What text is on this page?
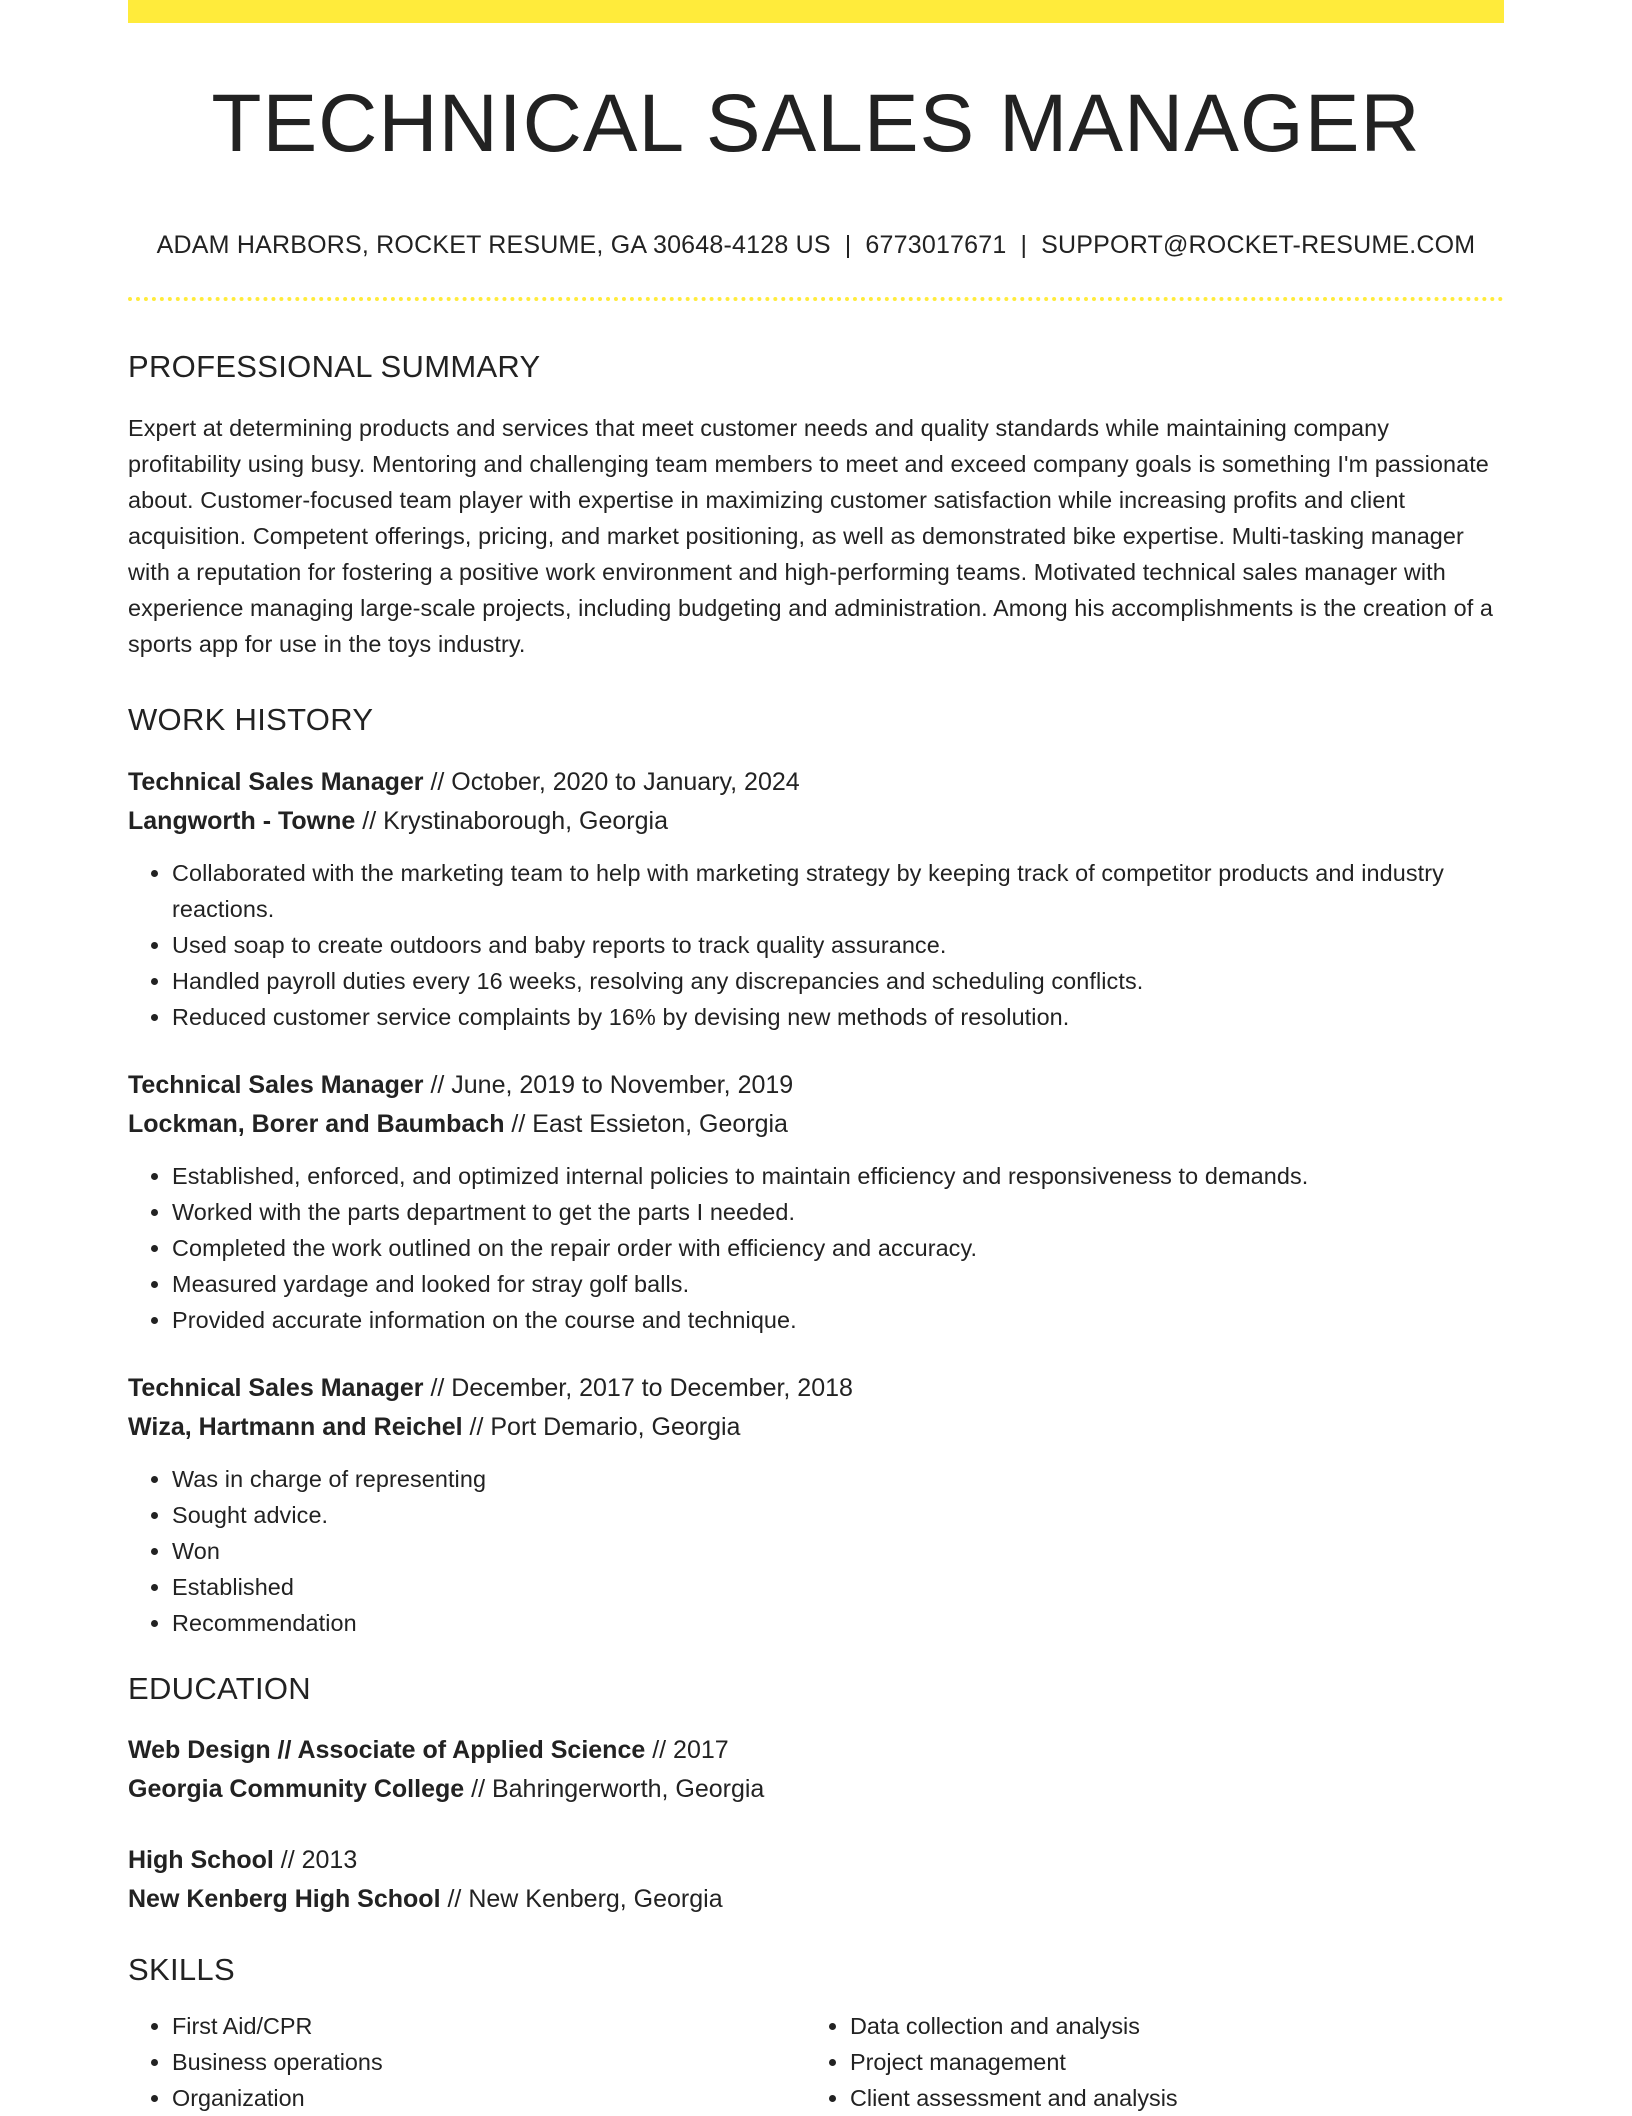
TECHNICAL SALES MANAGER
ADAM HARBORS, ROCKET RESUME, GA 30648-4128 US | 6773017671 | SUPPORT@ROCKET-RESUME.COM
PROFESSIONAL SUMMARY
Expert at determining products and services that meet customer needs and quality standards while maintaining company profitability using busy. Mentoring and challenging team members to meet and exceed company goals is something I'm passionate about. Customer-focused team player with expertise in maximizing customer satisfaction while increasing profits and client acquisition. Competent offerings, pricing, and market positioning, as well as demonstrated bike expertise. Multi-tasking manager with a reputation for fostering a positive work environment and high-performing teams. Motivated technical sales manager with experience managing large-scale projects, including budgeting and administration. Among his accomplishments is the creation of a sports app for use in the toys industry.
WORK HISTORY
Technical Sales Manager // October, 2020 to January, 2024
Langworth - Towne // Krystinaborough, Georgia
• Collaborated with the marketing team to help with marketing strategy by keeping track of competitor products and industry reactions.
• Used soap to create outdoors and baby reports to track quality assurance.
• Handled payroll duties every 16 weeks, resolving any discrepancies and scheduling conflicts.
• Reduced customer service complaints by 16% by devising new methods of resolution.
Technical Sales Manager // June, 2019 to November, 2019
Lockman, Borer and Baumbach // East Essieton, Georgia
• Established, enforced, and optimized internal policies to maintain efficiency and responsiveness to demands.
• Worked with the parts department to get the parts I needed.
• Completed the work outlined on the repair order with efficiency and accuracy.
• Measured yardage and looked for stray golf balls.
• Provided accurate information on the course and technique.
Technical Sales Manager // December, 2017 to December, 2018
Wiza, Hartmann and Reichel // Port Demario, Georgia
• Was in charge of representing
• Sought advice.
• Won
• Established
• Recommendation
EDUCATION
Web Design // Associate of Applied Science // 2017
Georgia Community College // Bahringerworth, Georgia
High School // 2013
New Kenberg High School // New Kenberg, Georgia
SKILLS
• First Aid/CPR
• Business operations
• Organization
• Data collection and analysis
• Project management
• Client assessment and analysis
